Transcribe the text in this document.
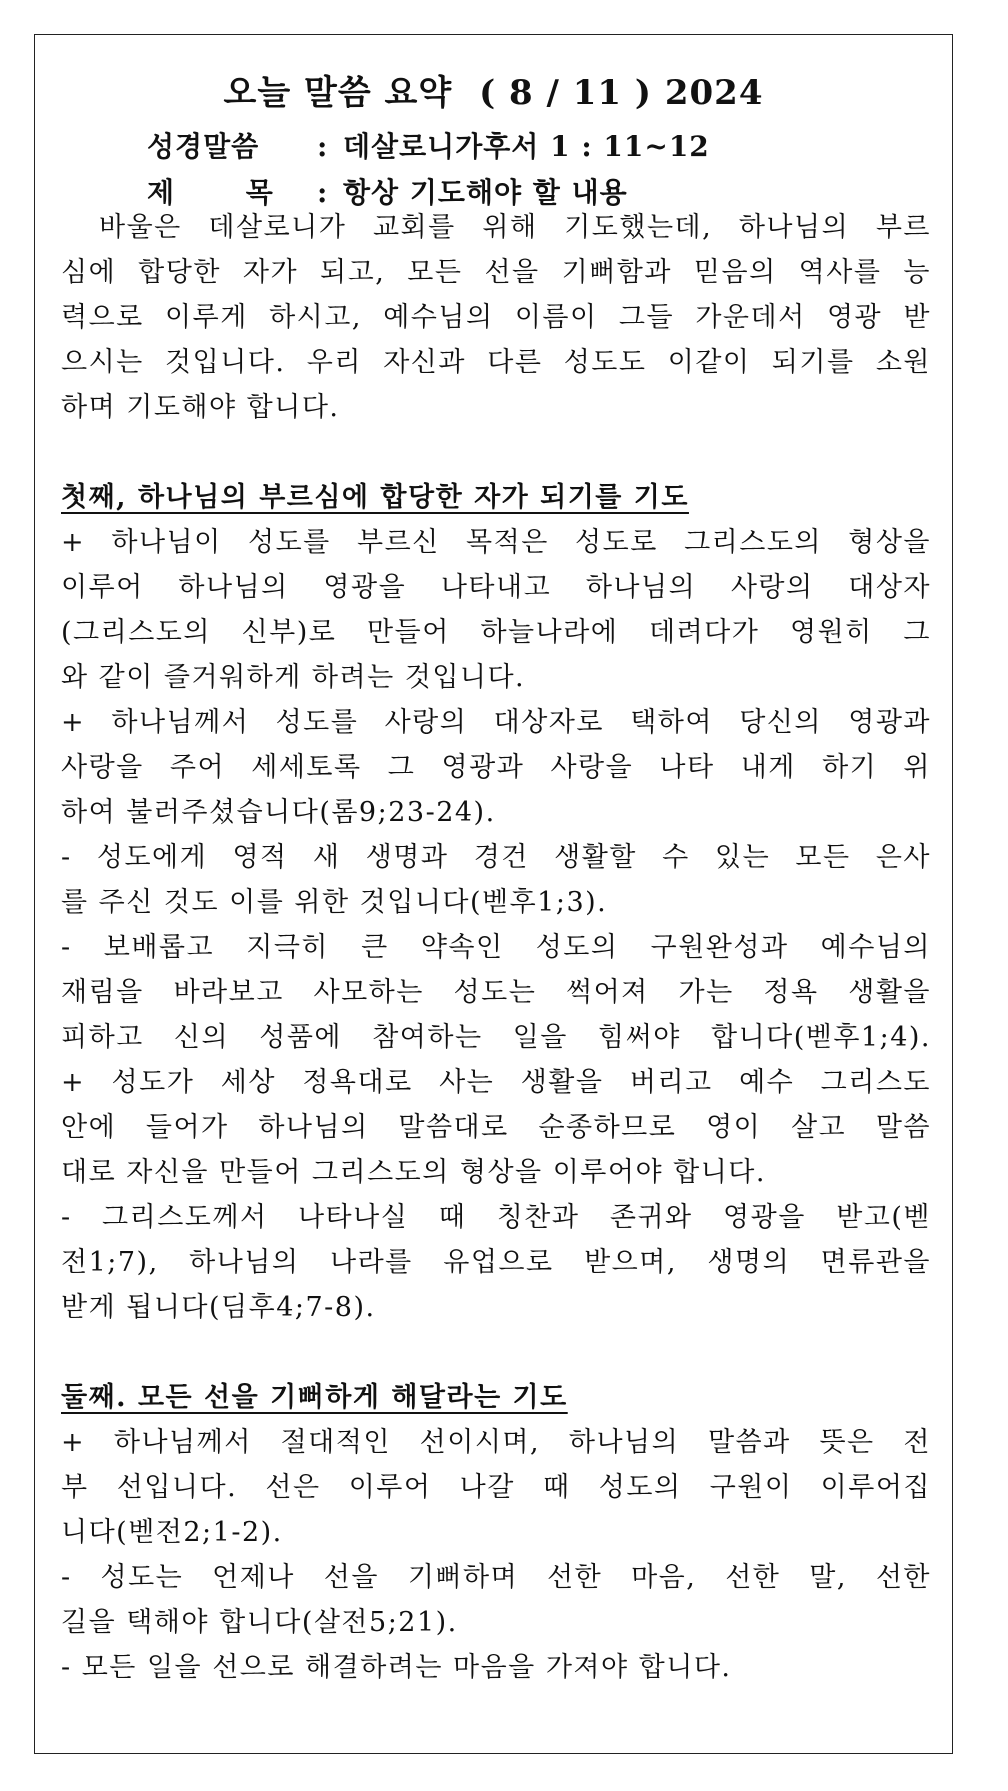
오늘 말씀 요약 ( 8 / 11 ) 2024
성경말씀 : 데살로니가후서 1 : 11~12
제 목 : 항상 기도해야 할 내용
바울은 데살로니가 교회를 위해 기도했는데, 하나님의 부르
심에 합당한 자가 되고, 모든 선을 기뻐함과 믿음의 역사를 능
력으로 이루게 하시고, 예수님의 이름이 그들 가운데서 영광 받
으시는 것입니다. 우리 자신과 다른 성도도 이같이 되기를 소원
하며 기도해야 합니다.
첫째, 하나님의 부르심에 합당한 자가 되기를 기도
+ 하나님이 성도를 부르신 목적은 성도로 그리스도의 형상을
이루어 하나님의 영광을 나타내고 하나님의 사랑의 대상자
(그리스도의 신부)로 만들어 하늘나라에 데려다가 영원히 그
와 같이 즐거워하게 하려는 것입니다.
+ 하나님께서 성도를 사랑의 대상자로 택하여 당신의 영광과
사랑을 주어 세세토록 그 영광과 사랑을 나타 내게 하기 위
하여 불러주셨습니다(롬9;23-24).
- 성도에게 영적 새 생명과 경건 생활할 수 있는 모든 은사
를 주신 것도 이를 위한 것입니다(벧후1;3).
- 보배롭고 지극히 큰 약속인 성도의 구원완성과 예수님의
재림을 바라보고 사모하는 성도는 썩어져 가는 정욕 생활을
피하고 신의 성품에 참여하는 일을 힘써야 합니다(벧후1;4).
+ 성도가 세상 정욕대로 사는 생활을 버리고 예수 그리스도
안에 들어가 하나님의 말씀대로 순종하므로 영이 살고 말씀
대로 자신을 만들어 그리스도의 형상을 이루어야 합니다.
- 그리스도께서 나타나실 때 칭찬과 존귀와 영광을 받고(벧
전1;7), 하나님의 나라를 유업으로 받으며, 생명의 면류관을
받게 됩니다(딤후4;7-8).
둘째. 모든 선을 기뻐하게 해달라는 기도
+ 하나님께서 절대적인 선이시며, 하나님의 말씀과 뜻은 전
부 선입니다. 선은 이루어 나갈 때 성도의 구원이 이루어집
니다(벧전2;1-2).
- 성도는 언제나 선을 기뻐하며 선한 마음, 선한 말, 선한
길을 택해야 합니다(살전5;21).
- 모든 일을 선으로 해결하려는 마음을 가져야 합니다.
